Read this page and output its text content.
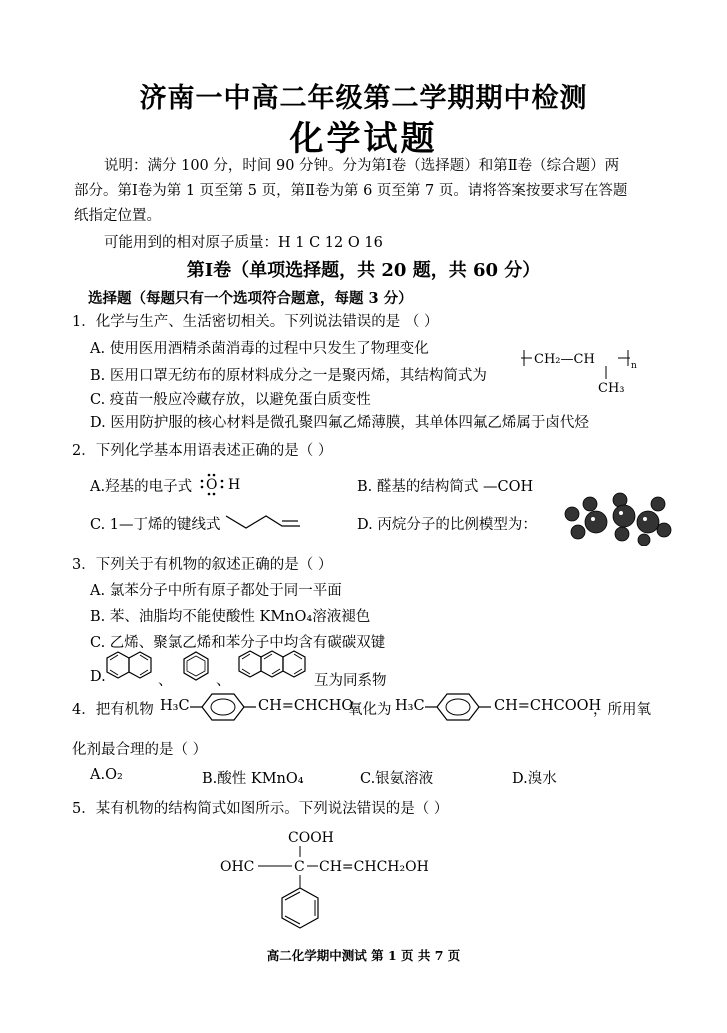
济南一中高二年级第二学期期中检测
化学试题
说明：满分 100 分，时间 90 分钟。分为第Ⅰ卷（选择题）和第Ⅱ卷（综合题）两
部分。第Ⅰ卷为第 1 页至第 5 页，第Ⅱ卷为第 6 页至第 7 页。请将答案按要求写在答题
纸指定位置。
可能用到的相对原子质量：H 1 C 12 O 16
第Ⅰ卷（单项选择题，共 20 题，共 60 分）
选择题（每题只有一个选项符合题意，每题 3 分）
1．化学与生产、生活密切相关。下列说法错误的是 （ ）
A. 使用医用酒精杀菌消毒的过程中只发生了物理变化
B. 医用口罩无纺布的原材料成分之一是聚丙烯，其结构简式为
C. 疫苗一般应冷藏存放，以避免蛋白质变性
D. 医用防护服的核心材料是微孔聚四氟乙烯薄膜，其单体四氟乙烯属于卤代烃
CH₂—CH	n
CH₃
2．下列化学基本用语表述正确的是（ ）
A.羟基的电子式 O H	B. 醛基的结构简式 —COH
C. 1—丁烯的键线式	D. 丙烷分子的比例模型为：
3．下列关于有机物的叙述正确的是（ ）
A. 氯苯分子中所有原子都处于同一平面
B. 苯、油脂均不能使酸性 KMnO₄溶液褪色
C. 乙烯、聚氯乙烯和苯分子中均含有碳碳双键
D.	、	、	互为同系物
4．把有机物 H₃C	CH=CHCHO
氧化为 H₃C	CH=CHCOOH
，所用氧
化剂最合理的是（ ）
A.O₂	B.酸性 KMnO₄	C.银氨溶液	D.溴水
5．某有机物的结构简式如图所示。下列说法错误的是（ ）
COOH
OHC	C CH=CHCH₂OH
高二化学期中测试 第 1 页 共 7 页
